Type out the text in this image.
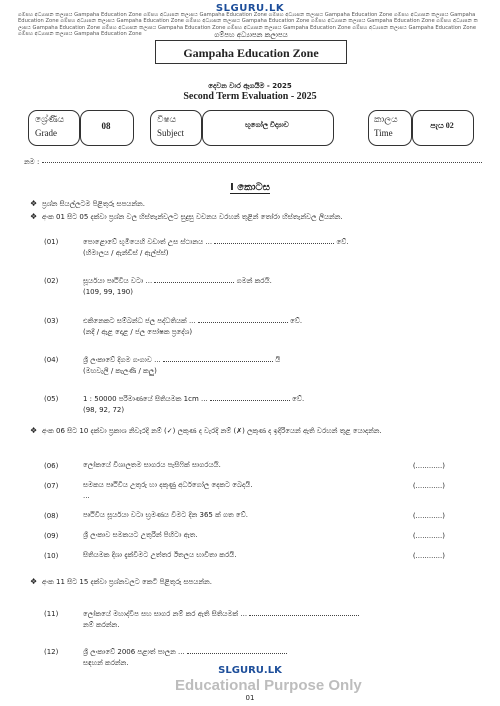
SLGURU.LK
ගම්පහ අධ්‍යාපන කලාපය Gampaha Education Zone ගම්පහ අධ්‍යාපන කලාපය Gampaha Education Zone ගම්පහ අධ්‍යාපන කලාපය Gampaha Education Zone ගම්පහ අධ්‍යාපන කලාපය Gampaha Education Zone ගම්පහ අධ්‍යාපන කලාපය Gampaha Education Zone ගම්පහ අධ්‍යාපන කලාපය Gampaha Education Zone ගම්පහ අධ්‍යාපන කලාපය Gampaha Education Zone ගම්පහ අධ්‍යාපන කලාපය Gampaha Education Zone ගම්පහ අධ්‍යාපන කලාපය Gampaha Education Zone ගම්පහ අධ්‍යාපන කලාපය Gampaha Education Zone ගම්පහ අධ්‍යාපන කලාපය Gampaha Education Zone ගම්පහ අධ්‍යාපන කලාපය Gampaha Education Zone	ගම්පහ අධ්‍යාපන කලාපය
Gampaha Education Zone
දෙවන වාර ඇගයීම - 2025
Second Term Evaluation - 2025
ශ්‍රේණිය
Grade
08
විෂය
Subject
භූගෝල විද්‍යාව
කාලය
Time
පැය 02
නම :
I කොටස
❖ ප්‍රශ්න සියල්ලටම පිළිතුරු සපයන්න.
❖ අංක 01 සිට 05 දක්වා ප්‍රශ්න වල හිස්තැන්වලට සුදුසු වචනය වරහන් තුළින් තෝරා හිස්තැන්වල ලියන්න.
(01)	පොළොවේ භූමියෙහි වඩාත් උස ස්ථානය ...	වේ.
(හිමාලය / ඇන්ඩීස් / ඇල්ප්ස්)
(02)	සූර්යයා පෘථිවිය වටා ...	ගමන් කරයි.
(109, 99, 190)
(03)	එකිනෙකට සම්බන්ධ ජල පද්ධතියක් ...	වේ.
(නදී / ඇළ දොළ / ජල පෝෂක ප්‍රදේශ)
(04)	ශ්‍රී ලංකාවේ දිගම ගංගාව ...	යි
(මහවැලි / කැලණි / කලු)
(05)	1 : 50000 පරිමාණයේ සිතියමක 1cm ...	වේ.
(98, 92, 72)
❖ අංක 06 සිට 10 දක්වා ප්‍රකාශ නිවැරදි නම් (✓) ලකුණ ද වැරදි නම් (✗) ලකුණ ද ඉදිරියෙන් ඇති වරහන් තුළ යොදන්න.
(06)	ලෝකයේ විශාලතම සාගරය පැසිෆික් සාගරයයි.	(............)
(07)	සමකය පෘථිවිය උතුරු හා දකුණු අර්ධගෝල දෙකට බෙදයි.
...
(............)
(08)	පෘථිවිය සූර්යයා වටා භ්‍රමණය වීමට දින 365 ක් ගත වේ.	(............)
(09)	ශ්‍රී ලංකාව සමකයට උතුරින් පිහිටා ඇත.	(............)
(10)	සිතියමක දිශා දැක්වීමට උත්තර ඊතලය භාවිතා කරයි.	(............)
❖ අංක 11 සිට 15 දක්වා ප්‍රශ්නවලට කෙටි පිළිතුරු සපයන්න.
(11)	ලෝකයේ මහාද්වීප සහ සාගර නම් කර ඇති සිතියමක් ...
නම් කරන්න.
(12)	ශ්‍රී ලංකාවේ 2006 පළාත් පාලන ...
සඳහන් කරන්න.
SLGURU.LK
Educational Purpose Only
01
